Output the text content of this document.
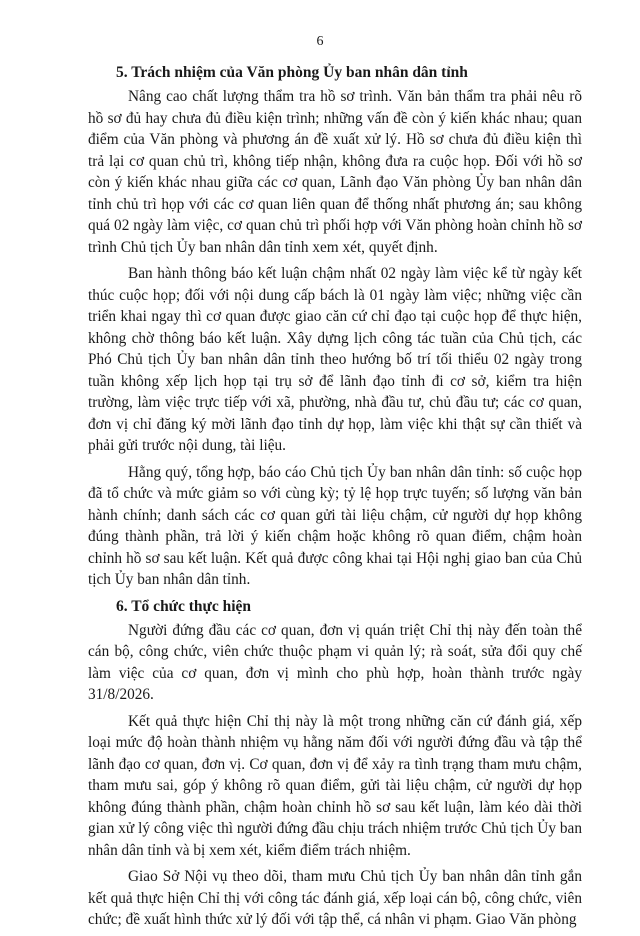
6

5. Trách nhiệm của Văn phòng Ủy ban nhân dân tỉnh

Nâng cao chất lượng thẩm tra hồ sơ trình. Văn bản thẩm tra phải nêu rõ hồ sơ đủ hay chưa đủ điều kiện trình; những vấn đề còn ý kiến khác nhau; quan điểm của Văn phòng và phương án đề xuất xử lý. Hồ sơ chưa đủ điều kiện thì trả lại cơ quan chủ trì, không tiếp nhận, không đưa ra cuộc họp. Đối với hồ sơ còn ý kiến khác nhau giữa các cơ quan, Lãnh đạo Văn phòng Ủy ban nhân dân tỉnh chủ trì họp với các cơ quan liên quan để thống nhất phương án; sau không quá 02 ngày làm việc, cơ quan chủ trì phối hợp với Văn phòng hoàn chỉnh hồ sơ trình Chủ tịch Ủy ban nhân dân tỉnh xem xét, quyết định.

Ban hành thông báo kết luận chậm nhất 02 ngày làm việc kể từ ngày kết thúc cuộc họp; đối với nội dung cấp bách là 01 ngày làm việc; những việc cần triển khai ngay thì cơ quan được giao căn cứ chỉ đạo tại cuộc họp để thực hiện, không chờ thông báo kết luận. Xây dựng lịch công tác tuần của Chủ tịch, các Phó Chủ tịch Ủy ban nhân dân tỉnh theo hướng bố trí tối thiểu 02 ngày trong tuần không xếp lịch họp tại trụ sở để lãnh đạo tỉnh đi cơ sở, kiểm tra hiện trường, làm việc trực tiếp với xã, phường, nhà đầu tư, chủ đầu tư; các cơ quan, đơn vị chỉ đăng ký mời lãnh đạo tỉnh dự họp, làm việc khi thật sự cần thiết và phải gửi trước nội dung, tài liệu.

Hằng quý, tổng hợp, báo cáo Chủ tịch Ủy ban nhân dân tỉnh: số cuộc họp đã tổ chức và mức giảm so với cùng kỳ; tỷ lệ họp trực tuyến; số lượng văn bản hành chính; danh sách các cơ quan gửi tài liệu chậm, cử người dự họp không đúng thành phần, trả lời ý kiến chậm hoặc không rõ quan điểm, chậm hoàn chỉnh hồ sơ sau kết luận. Kết quả được công khai tại Hội nghị giao ban của Chủ tịch Ủy ban nhân dân tỉnh.

6. Tổ chức thực hiện

Người đứng đầu các cơ quan, đơn vị quán triệt Chỉ thị này đến toàn thể cán bộ, công chức, viên chức thuộc phạm vi quản lý; rà soát, sửa đổi quy chế làm việc của cơ quan, đơn vị mình cho phù hợp, hoàn thành trước ngày 31/8/2026.

Kết quả thực hiện Chỉ thị này là một trong những căn cứ đánh giá, xếp loại mức độ hoàn thành nhiệm vụ hằng năm đối với người đứng đầu và tập thể lãnh đạo cơ quan, đơn vị. Cơ quan, đơn vị để xảy ra tình trạng tham mưu chậm, tham mưu sai, góp ý không rõ quan điểm, gửi tài liệu chậm, cử người dự họp không đúng thành phần, chậm hoàn chỉnh hồ sơ sau kết luận, làm kéo dài thời gian xử lý công việc thì người đứng đầu chịu trách nhiệm trước Chủ tịch Ủy ban nhân dân tỉnh và bị xem xét, kiểm điểm trách nhiệm.

Giao Sở Nội vụ theo dõi, tham mưu Chủ tịch Ủy ban nhân dân tỉnh gắn kết quả thực hiện Chỉ thị với công tác đánh giá, xếp loại cán bộ, công chức, viên chức; đề xuất hình thức xử lý đối với tập thể, cá nhân vi phạm. Giao Văn phòng
